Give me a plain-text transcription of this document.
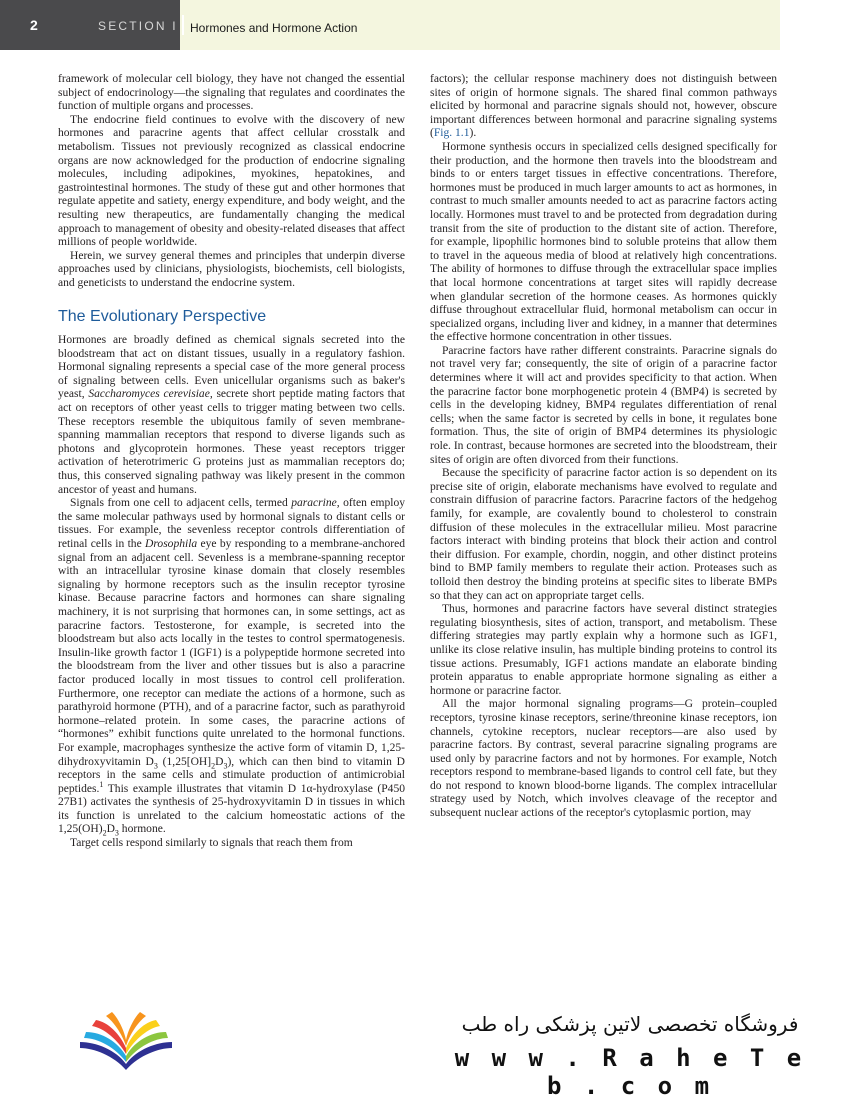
2	SECTION I Hormones and Hormone Action

framework of molecular cell biology, they have not changed the essential subject of endocrinology—the signaling that regulates and coordinates the function of multiple organs and processes.

The endocrine field continues to evolve with the discovery of new hormones and paracrine agents that affect cellular crosstalk and metabolism. Tissues not previously recognized as classical endocrine organs are now acknowledged for the production of endocrine signaling molecules, including adipokines, myokines, hepatokines, and gastrointestinal hormones. The study of these gut and other hormones that regulate appetite and satiety, energy expenditure, and body weight, and the resulting new therapeutics, are fundamentally changing the medical approach to management of obesity and obesity-related diseases that affect millions of people worldwide.

Herein, we survey general themes and principles that underpin diverse approaches used by clinicians, physiologists, biochemists, cell biologists, and geneticists to understand the endocrine system.

The Evolutionary Perspective

Hormones are broadly defined as chemical signals secreted into the bloodstream that act on distant tissues, usually in a regulatory fashion. Hormonal signaling represents a special case of the more general process of signaling between cells. Even unicellular organisms such as baker's yeast, Saccharomyces cerevisiae, secrete short peptide mating factors that act on receptors of other yeast cells to trigger mating between two cells. These receptors resemble the ubiquitous family of seven membrane-spanning mammalian receptors that respond to diverse ligands such as photons and glycoprotein hormones. These yeast receptors trigger activation of heterotrimeric G proteins just as mammalian receptors do; thus, this conserved signaling pathway was likely present in the common ancestor of yeast and humans.

Signals from one cell to adjacent cells, termed paracrine, often employ the same molecular pathways used by hormonal signals to distant cells or tissues. For example, the sevenless receptor controls differentiation of retinal cells in the Drosophila eye by responding to a membrane-anchored signal from an adjacent cell. Sevenless is a membrane-spanning receptor with an intracellular tyrosine kinase domain that closely resembles signaling by hormone receptors such as the insulin receptor tyrosine kinase. Because paracrine factors and hormones can share signaling machinery, it is not surprising that hormones can, in some settings, act as paracrine factors. Testosterone, for example, is secreted into the bloodstream but also acts locally in the testes to control spermatogenesis. Insulin-like growth factor 1 (IGF1) is a polypeptide hormone secreted into the bloodstream from the liver and other tissues but is also a paracrine factor produced locally in most tissues to control cell proliferation. Furthermore, one receptor can mediate the actions of a hormone, such as parathyroid hormone (PTH), and of a paracrine factor, such as parathyroid hormone–related protein. In some cases, the paracrine actions of “hormones” exhibit functions quite unrelated to the hormonal functions. For example, macrophages synthesize the active form of vitamin D, 1,25-dihydroxyvitamin $D_3$ $(1,25[OH]_2D_3)$, which can then bind to vitamin D receptors in the same cells and stimulate production of antimicrobial peptides.$^1$ This example illustrates that vitamin D 1α-hydroxylase (P450 27B1) activates the synthesis of 25-hydroxyvitamin D in tissues in which its function is unrelated to the calcium homeostatic actions of the $1,25(OH)_2D_3$ hormone.

Target cells respond similarly to signals that reach them from

factors); the cellular response machinery does not distinguish between sites of origin of hormone signals. The shared final common pathways elicited by hormonal and paracrine signals should not, however, obscure important differences between hormonal and paracrine signaling systems (Fig. 1.1).

Hormone synthesis occurs in specialized cells designed specifically for their production, and the hormone then travels into the bloodstream and binds to or enters target tissues in effective concentrations. Therefore, hormones must be produced in much larger amounts to act as hormones, in contrast to much smaller amounts needed to act as paracrine factors acting locally. Hormones must travel to and be protected from degradation during transit from the site of production to the distant site of action. Therefore, for example, lipophilic hormones bind to soluble proteins that allow them to travel in the aqueous media of blood at relatively high concentrations. The ability of hormones to diffuse through the extracellular space implies that local hormone concentrations at target sites will rapidly decrease when glandular secretion of the hormone ceases. As hormones quickly diffuse throughout extracellular fluid, hormonal metabolism can occur in specialized organs, including liver and kidney, in a manner that determines the effective hormone concentration in other tissues.

Paracrine factors have rather different constraints. Paracrine signals do not travel very far; consequently, the site of origin of a paracrine factor determines where it will act and provides specificity to that action. When the paracrine factor bone morphogenetic protein 4 (BMP4) is secreted by cells in the developing kidney, BMP4 regulates differentiation of renal cells; when the same factor is secreted by cells in bone, it regulates bone formation. Thus, the site of origin of BMP4 determines its physiologic role. In contrast, because hormones are secreted into the bloodstream, their sites of origin are often divorced from their functions.

Because the specificity of paracrine factor action is so dependent on its precise site of origin, elaborate mechanisms have evolved to regulate and constrain diffusion of paracrine factors. Paracrine factors of the hedgehog family, for example, are covalently bound to cholesterol to constrain diffusion of these molecules in the extracellular milieu. Most paracrine factors interact with binding proteins that block their action and control their diffusion. For example, chordin, noggin, and other distinct proteins bind to BMP family members to regulate their action. Proteases such as tolloid then destroy the binding proteins at specific sites to liberate BMPs so that they can act on appropriate target cells.

Thus, hormones and paracrine factors have several distinct strategies regulating biosynthesis, sites of action, transport, and metabolism. These differing strategies may partly explain why a hormone such as IGF1, unlike its close relative insulin, has multiple binding proteins to control its tissue actions. Presumably, IGF1 actions mandate an elaborate binding protein apparatus to enable appropriate hormone signaling as either a hormone or paracrine factor.

All the major hormonal signaling programs—G protein–coupled receptors, tyrosine kinase receptors, serine/threonine kinase receptors, ion channels, cytokine receptors, nuclear receptors—are also used by paracrine factors. By contrast, several paracrine signaling programs are used only by paracrine factors and not by hormones. For example, Notch receptors respond to membrane-based ligands to control cell fate, but they do not respond to known blood-borne ligands. The complex intracellular strategy used by Notch, which involves cleavage of the receptor and subsequent nuclear actions of the receptor's cytoplasmic portion, may

فروشگاه تخصصی لاتین پزشکی راه طب
w w w . R a h e T e b . c o m
